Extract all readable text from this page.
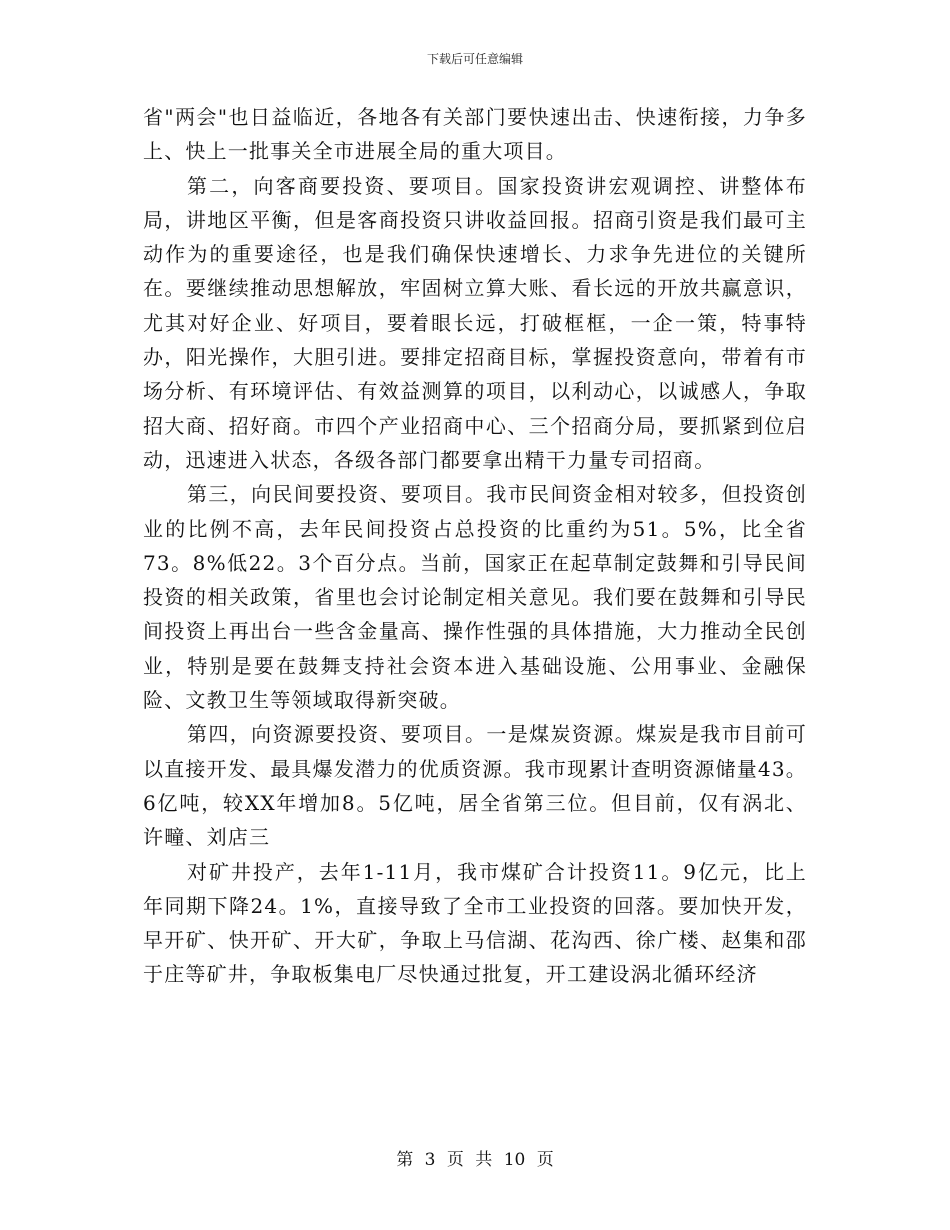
下载后可任意编辑

省"两会"也日益临近，各地各有关部门要快速出击、快速衔接，力争多上、快上一批事关全市进展全局的重大项目。

第二，向客商要投资、要项目。国家投资讲宏观调控、讲整体布局，讲地区平衡，但是客商投资只讲收益回报。招商引资是我们最可主动作为的重要途径，也是我们确保快速增长、力求争先进位的关键所在。要继续推动思想解放，牢固树立算大账、看长远的开放共赢意识，尤其对好企业、好项目，要着眼长远，打破框框，一企一策，特事特办，阳光操作，大胆引进。要排定招商目标，掌握投资意向，带着有市场分析、有环境评估、有效益测算的项目，以利动心，以诚感人，争取招大商、招好商。市四个产业招商中心、三个招商分局，要抓紧到位启动，迅速进入状态，各级各部门都要拿出精干力量专司招商。

第三，向民间要投资、要项目。我市民间资金相对较多，但投资创业的比例不高，去年民间投资占总投资的比重约为51。5%，比全省73。8%低22。3个百分点。当前，国家正在起草制定鼓舞和引导民间投资的相关政策，省里也会讨论制定相关意见。我们要在鼓舞和引导民间投资上再出台一些含金量高、操作性强的具体措施，大力推动全民创业，特别是要在鼓舞支持社会资本进入基础设施、公用事业、金融保险、文教卫生等领域取得新突破。

第四，向资源要投资、要项目。一是煤炭资源。煤炭是我市目前可以直接开发、最具爆发潜力的优质资源。我市现累计查明资源储量43。6亿吨，较XX年增加8。5亿吨，居全省第三位。但目前，仅有涡北、许疃、刘店三

对矿井投产，去年1-11月，我市煤矿合计投资11。9亿元，比上年同期下降24。1%，直接导致了全市工业投资的回落。要加快开发，早开矿、快开矿、开大矿，争取上马信湖、花沟西、徐广楼、赵集和邵于庄等矿井，争取板集电厂尽快通过批复，开工建设涡北循环经济

第 3 页 共 10 页
